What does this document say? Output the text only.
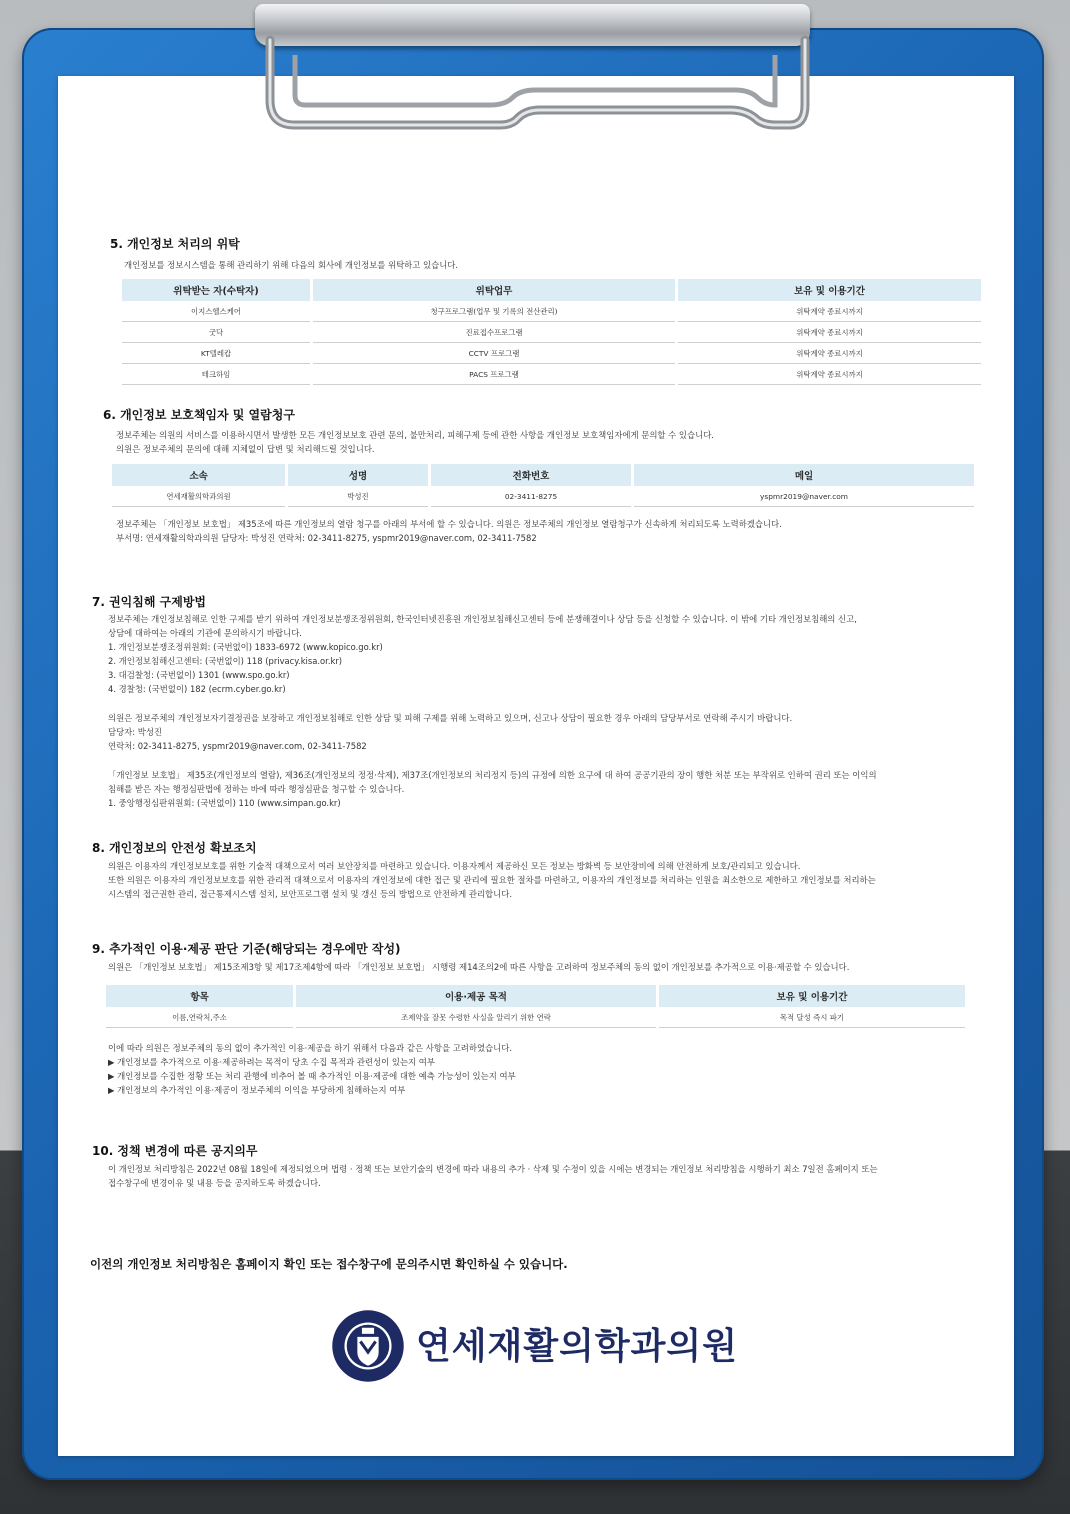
5. 개인정보 처리의 위탁

개인정보를 정보시스템을 통해 관리하기 위해 다음의 회사에 개인정보를 위탁하고 있습니다.

위탁받는 자(수탁자)	위탁업무	보유 및 이용기간
이지스헬스케어	청구프로그램(업무 및 기록의 전산관리)	위탁계약 종료시까지
굿닥	진료접수프로그램	위탁계약 종료시까지
KT텔레캅	CCTV 프로그램	위탁계약 종료시까지
테크하임	PACS 프로그램	위탁계약 종료시까지
6. 개인정보 보호책임자 및 열람청구

정보주체는 의원의 서비스를 이용하시면서 발생한 모든 개인정보보호 관련 문의, 불만처리, 피해구제 등에 관한 사항을 개인정보 보호책임자에게 문의할 수 있습니다.

의원은 정보주체의 문의에 대해 지체없이 답변 및 처리해드릴 것입니다.

소속	성명	전화번호	메일
연세재활의학과의원	박성진	02-3411-8275	yspmr2019@naver.com

정보주체는 「개인정보 보호법」 제35조에 따른 개인정보의 열람 청구를 아래의 부서에 할 수 있습니다. 의원은 정보주체의 개인정보 열람청구가 신속하게 처리되도록 노력하겠습니다.

부서명: 연세재활의학과의원 담당자: 박성진 연락처: 02-3411-8275, yspmr2019@naver.com, 02-3411-7582

7. 권익침해 구제방법

정보주체는 개인정보침해로 인한 구제를 받기 위하여 개인정보분쟁조정위원회, 한국인터넷진흥원 개인정보침해신고센터 등에 분쟁해결이나 상담 등을 신청할 수 있습니다. 이 밖에 기타 개인정보침해의 신고,

상담에 대하여는 아래의 기관에 문의하시기 바랍니다.

1. 개인정보분쟁조정위원회: (국번없이) 1833-6972 (www.kopico.go.kr)

2. 개인정보침해신고센터: (국번없이) 118 (privacy.kisa.or.kr)

3. 대검찰청: (국번없이) 1301 (www.spo.go.kr)

4. 경찰청: (국번없이) 182 (ecrm.cyber.go.kr)

의원은 정보주체의 개인정보자기결정권을 보장하고 개인정보침해로 인한 상담 및 피해 구제를 위해 노력하고 있으며, 신고나 상담이 필요한 경우 아래의 담당부서로 연락해 주시기 바랍니다.

담당자: 박성진

연락처: 02-3411-8275, yspmr2019@naver.com, 02-3411-7582

「개인정보 보호법」 제35조(개인정보의 열람), 제36조(개인정보의 정정·삭제), 제37조(개인정보의 처리정지 등)의 규정에 의한 요구에 대 하여 공공기관의 장이 행한 처분 또는 부작위로 인하여 권리 또는 이익의

침해를 받은 자는 행정심판법에 정하는 바에 따라 행정심판을 청구할 수 있습니다.

1. 중앙행정심판위원회: (국번없이) 110 (www.simpan.go.kr)

8. 개인정보의 안전성 확보조치

의원은 이용자의 개인정보보호를 위한 기술적 대책으로서 여러 보안장치를 마련하고 있습니다. 이용자께서 제공하신 모든 정보는 방화벽 등 보안장비에 의해 안전하게 보호/관리되고 있습니다.

또한 의원은 이용자의 개인정보보호를 위한 관리적 대책으로서 이용자의 개인정보에 대한 접근 및 관리에 필요한 절차를 마련하고, 이용자의 개인정보를 처리하는 인원을 최소한으로 제한하고 개인정보를 처리하는

시스템의 접근권한 관리, 접근통제시스템 설치, 보안프로그램 설치 및 갱신 등의 방법으로 안전하게 관리합니다.

9. 추가적인 이용·제공 판단 기준(해당되는 경우에만 작성)

의원은 「개인정보 보호법」 제15조제3항 및 제17조제4항에 따라 「개인정보 보호법」 시행령 제14조의2에 따른 사항을 고려하여 정보주체의 동의 없이 개인정보를 추가적으로 이용·제공할 수 있습니다.

항목	이용·제공 목적	보유 및 이용기간
이름,연락처,주소	조제약을 잘못 수령한 사실을 알리기 위한 연락	목적 달성 즉시 파기

이에 따라 의원은 정보주체의 동의 없이 추가적인 이용·제공을 하기 위해서 다음과 같은 사항을 고려하였습니다.

▶ 개인정보를 추가적으로 이용·제공하려는 목적이 당초 수집 목적과 관련성이 있는지 여부

▶ 개인정보를 수집한 정황 또는 처리 관행에 비추어 볼 때 추가적인 이용·제공에 대한 예측 가능성이 있는지 여부

▶ 개인정보의 추가적인 이용·제공이 정보주체의 이익을 부당하게 침해하는지 여부

10. 정책 변경에 따른 공지의무

이 개인정보 처리방침은 2022년 08월 18일에 제정되었으며 법령 · 정책 또는 보안기술의 변경에 따라 내용의 추가 · 삭제 및 수정이 있을 시에는 변경되는 개인정보 처리방침을 시행하기 최소 7일전 홈페이지 또는

접수창구에 변경이유 및 내용 등을 공지하도록 하겠습니다.

이전의 개인정보 처리방침은 홈페이지 확인 또는 접수창구에 문의주시면 확인하실 수 있습니다.

연세재활의학과의원
